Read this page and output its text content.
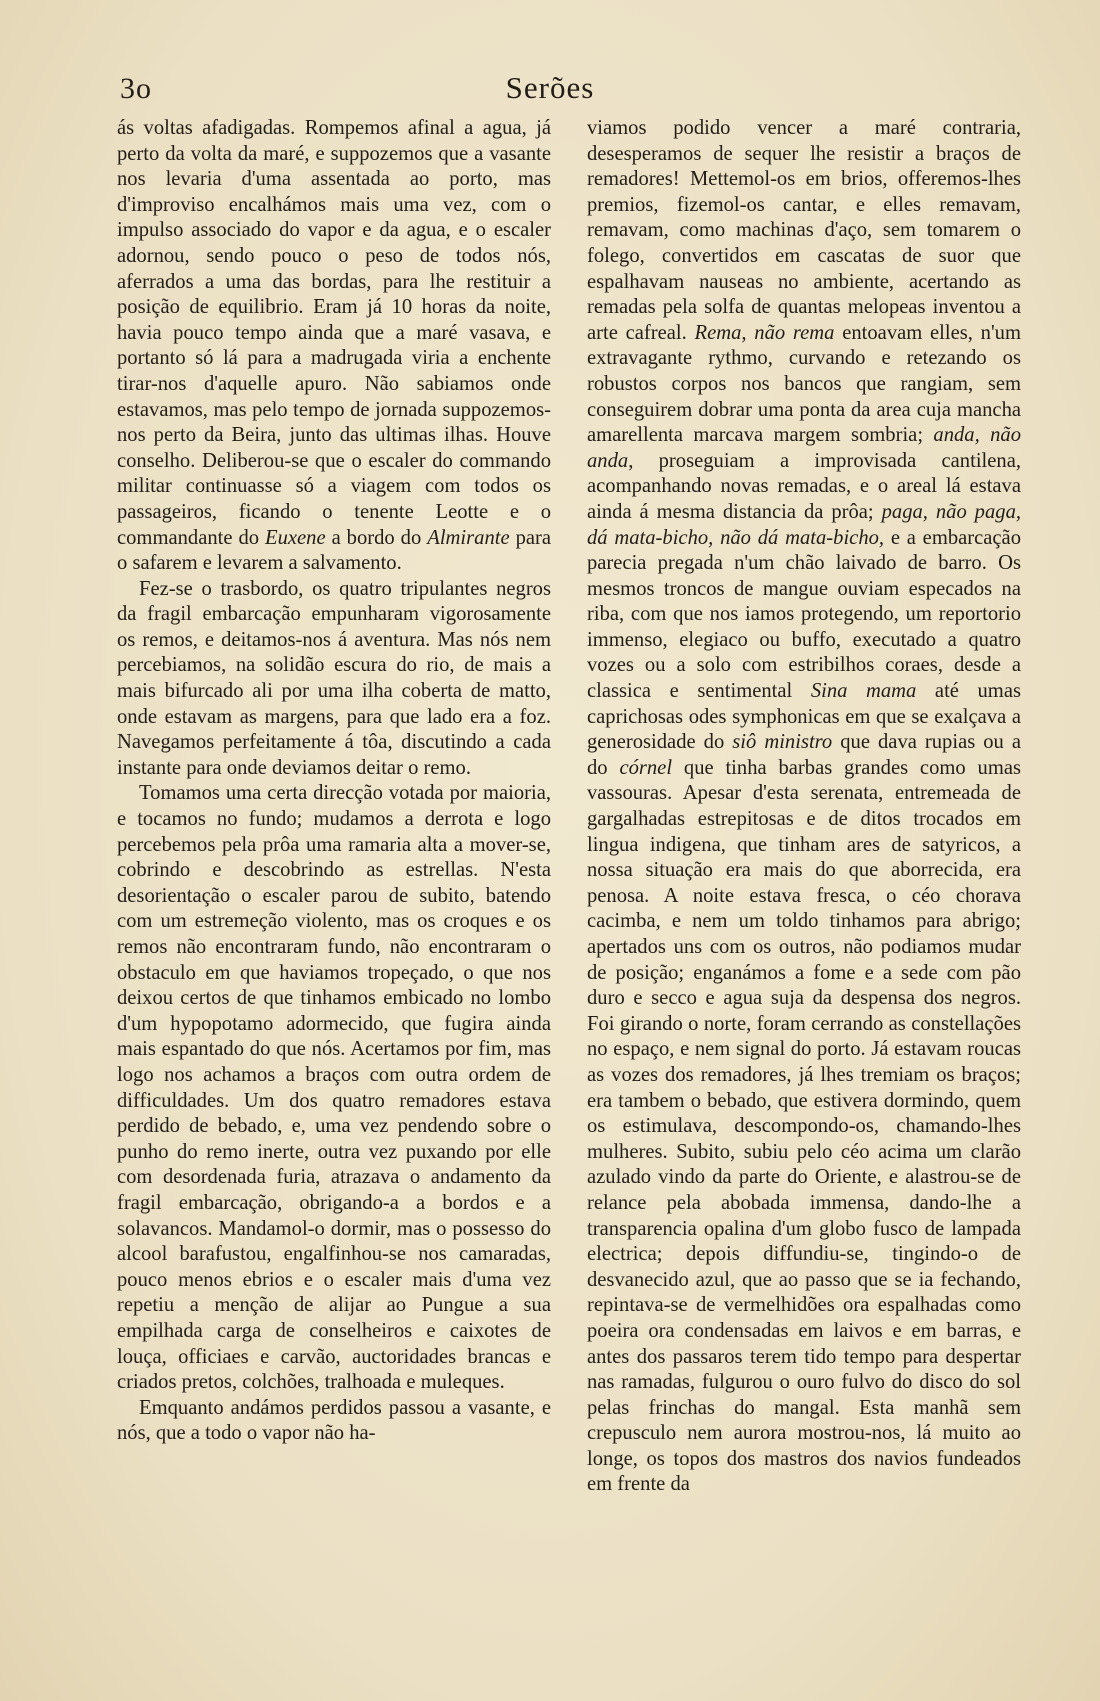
3o	Serões

ás voltas afadigadas. Rompemos afinal a agua, já perto da volta da maré, e suppozemos que a vasante nos levaria d'uma assentada ao porto, mas d'improviso encalhámos mais uma vez, com o impulso associado do vapor e da agua, e o escaler adornou, sendo pouco o peso de todos nós, aferrados a uma das bordas, para lhe restituir a posição de equilibrio. Eram já 10 horas da noite, havia pouco tempo ainda que a maré vasava, e portanto só lá para a madrugada viria a enchente tirar-nos d'aquelle apuro. Não sabiamos onde estavamos, mas pelo tempo de jornada suppozemos-nos perto da Beira, junto das ultimas ilhas. Houve conselho. Deliberou-se que o escaler do commando militar continuasse só a viagem com todos os passageiros, ficando o tenente Leotte e o commandante do Euxene a bordo do Almirante para o safarem e levarem a salvamento.

Fez-se o trasbordo, os quatro tripulantes negros da fragil embarcação empunharam vigorosamente os remos, e deitamos-nos á aventura. Mas nós nem percebiamos, na solidão escura do rio, de mais a mais bifurcado ali por uma ilha coberta de matto, onde estavam as margens, para que lado era a foz. Navegamos perfeitamente á tôa, discutindo a cada instante para onde deviamos deitar o remo.

Tomamos uma certa direcção votada por maioria, e tocamos no fundo; mudamos a derrota e logo percebemos pela prôa uma ramaria alta a mover-se, cobrindo e descobrindo as estrellas. N'esta desorientação o escaler parou de subito, batendo com um estremeção violento, mas os croques e os remos não encontraram fundo, não encontraram o obstaculo em que haviamos tropeçado, o que nos deixou certos de que tinhamos embicado no lombo d'um hypopotamo adormecido, que fugira ainda mais espantado do que nós. Acertamos por fim, mas logo nos achamos a braços com outra ordem de difficuldades. Um dos quatro remadores estava perdido de bebado, e, uma vez pendendo sobre o punho do remo inerte, outra vez puxando por elle com desordenada furia, atrazava o andamento da fragil embarcação, obrigando-a a bordos e a solavancos. Mandamol-o dormir, mas o possesso do alcool barafustou, engalfinhou-se nos camaradas, pouco menos ebrios e o escaler mais d'uma vez repetiu a menção de alijar ao Pungue a sua empilhada carga de conselheiros e caixotes de louça, officiaes e carvão, auctoridades brancas e criados pretos, colchões, tralhoada e muleques.

Emquanto andámos perdidos passou a vasante, e nós, que a todo o vapor não ha-

viamos podido vencer a maré contraria, desesperamos de sequer lhe resistir a braços de remadores! Mettemol-os em brios, offeremos-lhes premios, fizemol-os cantar, e elles remavam, remavam, como machinas d'aço, sem tomarem o folego, convertidos em cascatas de suor que espalhavam nauseas no ambiente, acertando as remadas pela solfa de quantas melopeas inventou a arte cafreal. Rema, não rema entoavam elles, n'um extravagante rythmo, curvando e retezando os robustos corpos nos bancos que rangiam, sem conseguirem dobrar uma ponta da area cuja mancha amarellenta marcava margem sombria; anda, não anda, proseguiam a improvisada cantilena, acompanhando novas remadas, e o areal lá estava ainda á mesma distancia da prôa; paga, não paga, dá mata-bicho, não dá mata-bicho, e a embarcação parecia pregada n'um chão laivado de barro. Os mesmos troncos de mangue ouviam especados na riba, com que nos iamos protegendo, um reportorio immenso, elegiaco ou buffo, executado a quatro vozes ou a solo com estribilhos coraes, desde a classica e sentimental Sina mama até umas caprichosas odes symphonicas em que se exalçava a generosidade do siô ministro que dava rupias ou a do córnel que tinha barbas grandes como umas vassouras. Apesar d'esta serenata, entremeada de gargalhadas estrepitosas e de ditos trocados em lingua indigena, que tinham ares de satyricos, a nossa situação era mais do que aborrecida, era penosa. A noite estava fresca, o céo chorava cacimba, e nem um toldo tinhamos para abrigo; apertados uns com os outros, não podiamos mudar de posição; enganámos a fome e a sede com pão duro e secco e agua suja da despensa dos negros. Foi girando o norte, foram cerrando as constellações no espaço, e nem signal do porto. Já estavam roucas as vozes dos remadores, já lhes tremiam os braços; era tambem o bebado, que estivera dormindo, quem os estimulava, descompondo-os, chamando-lhes mulheres. Subito, subiu pelo céo acima um clarão azulado vindo da parte do Oriente, e alastrou-se de relance pela abobada immensa, dando-lhe a transparencia opalina d'um globo fusco de lampada electrica; depois diffundiu-se, tingindo-o de desvanecido azul, que ao passo que se ia fechando, repintava-se de vermelhidões ora espalhadas como poeira ora condensadas em laivos e em barras, e antes dos passaros terem tido tempo para despertar nas ramadas, fulgurou o ouro fulvo do disco do sol pelas frinchas do mangal. Esta manhã sem crepusculo nem aurora mostrou-nos, lá muito ao longe, os topos dos mastros dos navios fundeados em frente da
